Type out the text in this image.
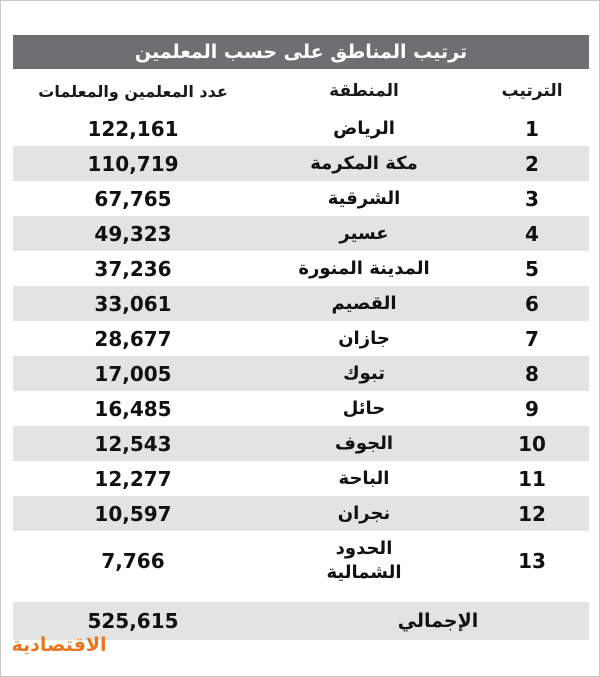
ترتيب المناطق على حسب المعلمين
الترتيب
المنطقة
عدد المعلمين والمعلمات
1
الرياض
122,161
2
مكة المكرمة
110,719
3
الشرقية
67,765
4
عسير
49,323
5
المدينة المنورة
37,236
6
القصيم
33,061
7
جازان
28,677
8
تبوك
17,005
9
حائل
16,485
10
الجوف
12,543
11
الباحة
12,277
12
نجران
10,597
13
الحدود
الشمالية
7,766
الإجمالي
525,615
الاقتصادية
